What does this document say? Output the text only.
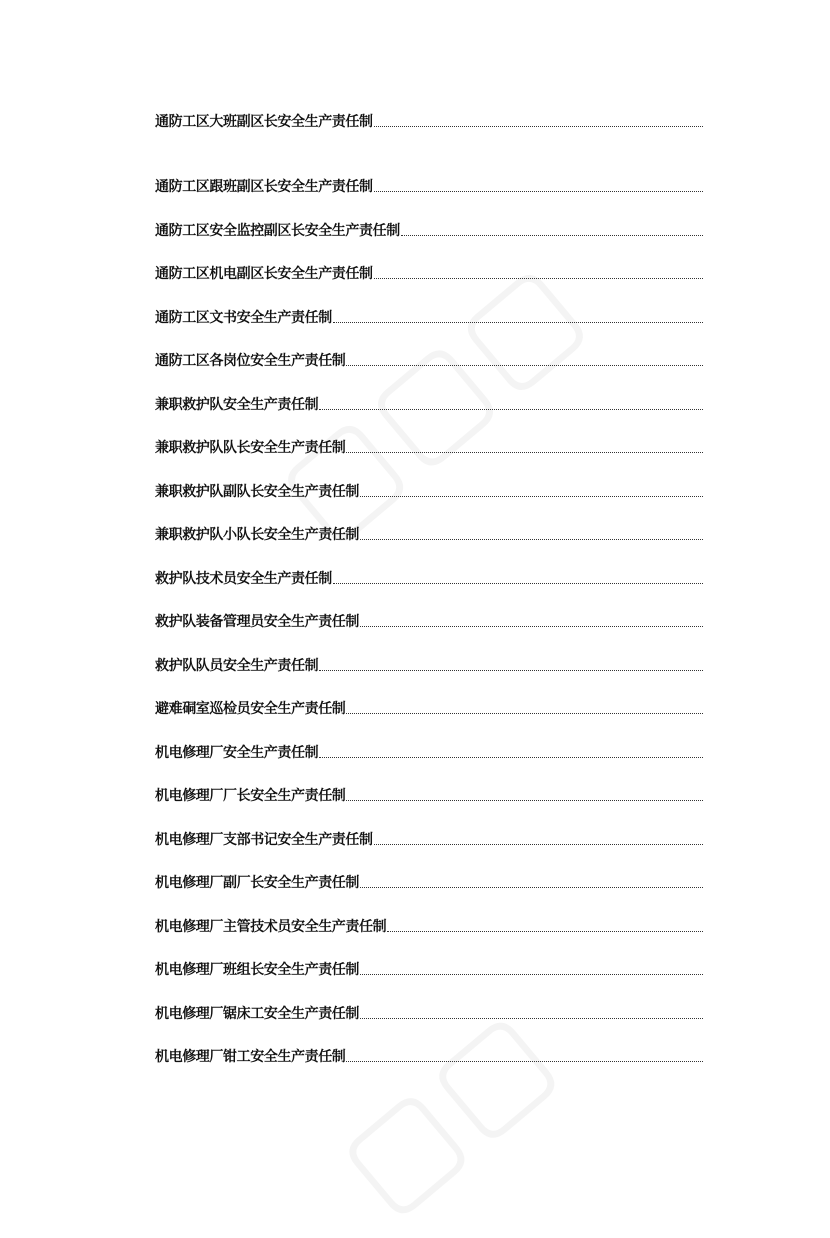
通防工区大班副区长安全生产责任制
通防工区跟班副区长安全生产责任制
通防工区安全监控副区长安全生产责任制
通防工区机电副区长安全生产责任制
通防工区文书安全生产责任制
通防工区各岗位安全生产责任制
兼职救护队安全生产责任制
兼职救护队队长安全生产责任制
兼职救护队副队长安全生产责任制
兼职救护队小队长安全生产责任制
救护队技术员安全生产责任制
救护队装备管理员安全生产责任制
救护队队员安全生产责任制
避难硐室巡检员安全生产责任制
机电修理厂安全生产责任制
机电修理厂厂长安全生产责任制
机电修理厂支部书记安全生产责任制
机电修理厂副厂长安全生产责任制
机电修理厂主管技术员安全生产责任制
机电修理厂班组长安全生产责任制
机电修理厂锯床工安全生产责任制
机电修理厂钳工安全生产责任制
